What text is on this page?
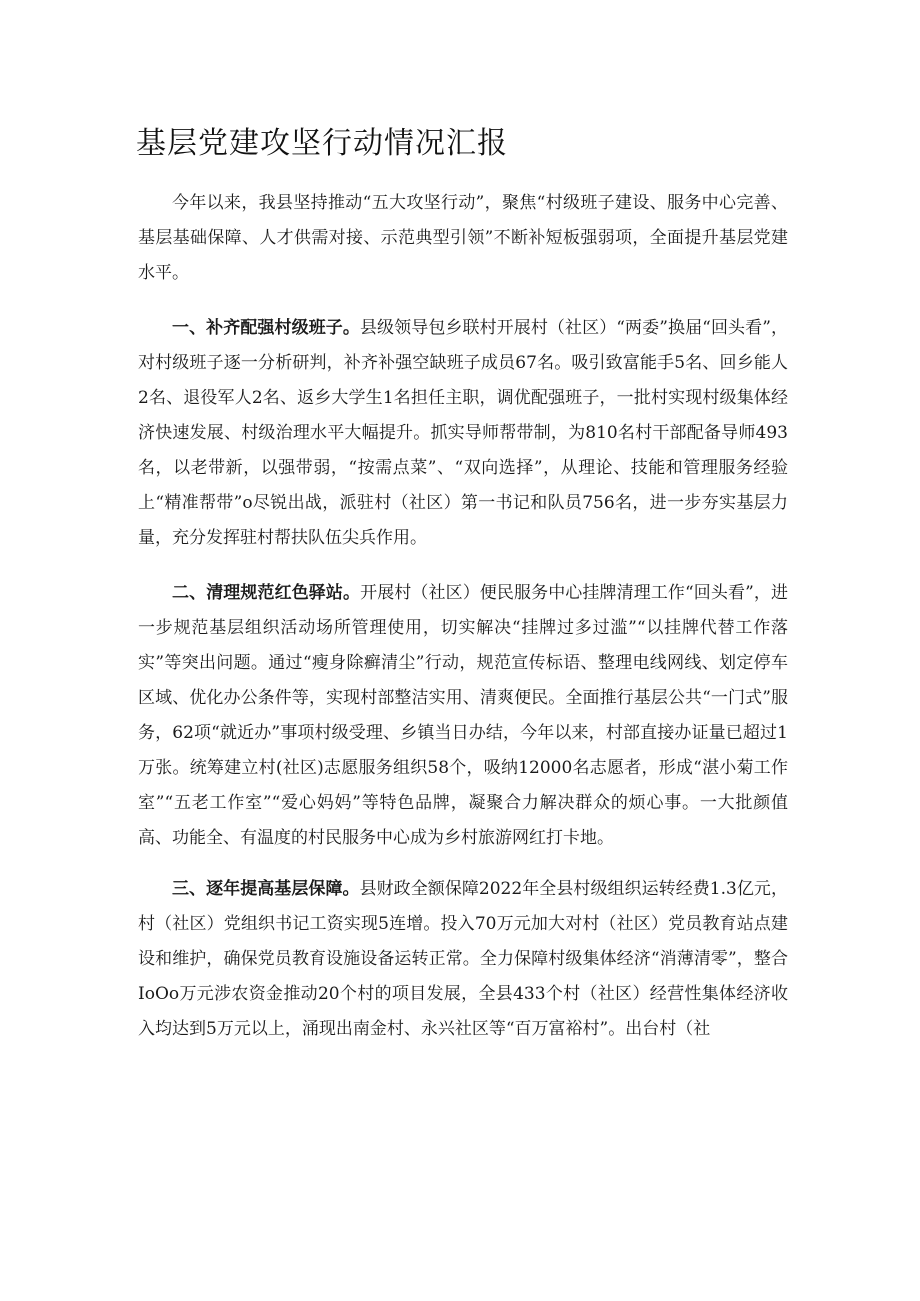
基层党建攻坚行动情况汇报

今年以来，我县坚持推动“五大攻坚行动”，聚焦“村级班子建设、服务中心完善、基层基础保障、人才供需对接、示范典型引领”不断补短板强弱项，全面提升基层党建水平。

一、补齐配强村级班子。县级领导包乡联村开展村（社区）“两委”换届“回头看”，对村级班子逐一分析研判，补齐补强空缺班子成员67名。吸引致富能手5名、回乡能人2名、退役军人2名、返乡大学生1名担任主职，调优配强班子，一批村实现村级集体经济快速发展、村级治理水平大幅提升。抓实导师帮带制，为810名村干部配备导师493名，以老带新，以强带弱，“按需点菜”、“双向选择”，从理论、技能和管理服务经验上“精准帮带”o尽锐出战，派驻村（社区）第一书记和队员756名，进一步夯实基层力量，充分发挥驻村帮扶队伍尖兵作用。

二、清理规范红色驿站。开展村（社区）便民服务中心挂牌清理工作“回头看”，进一步规范基层组织活动场所管理使用，切实解决“挂牌过多过滥”“以挂牌代替工作落实”等突出问题。通过“瘦身除癣清尘”行动，规范宣传标语、整理电线网线、划定停车区域、优化办公条件等，实现村部整洁实用、清爽便民。全面推行基层公共“一门式”服务，62项“就近办”事项村级受理、乡镇当日办结，今年以来，村部直接办证量已超过1万张。统筹建立村(社区)志愿服务组织58个，吸纳12000名志愿者，形成“湛小菊工作室”“五老工作室”“爱心妈妈”等特色品牌，凝聚合力解决群众的烦心事。一大批颜值高、功能全、有温度的村民服务中心成为乡村旅游网红打卡地。

三、逐年提高基层保障。县财政全额保障2022年全县村级组织运转经费1.3亿元，村（社区）党组织书记工资实现5连增。投入70万元加大对村（社区）党员教育站点建设和维护，确保党员教育设施设备运转正常。全力保障村级集体经济“消薄清零”，整合IoOo万元涉农资金推动20个村的项目发展，全县433个村（社区）经营性集体经济收入均达到5万元以上，涌现出南金村、永兴社区等“百万富裕村”。出台村（社
